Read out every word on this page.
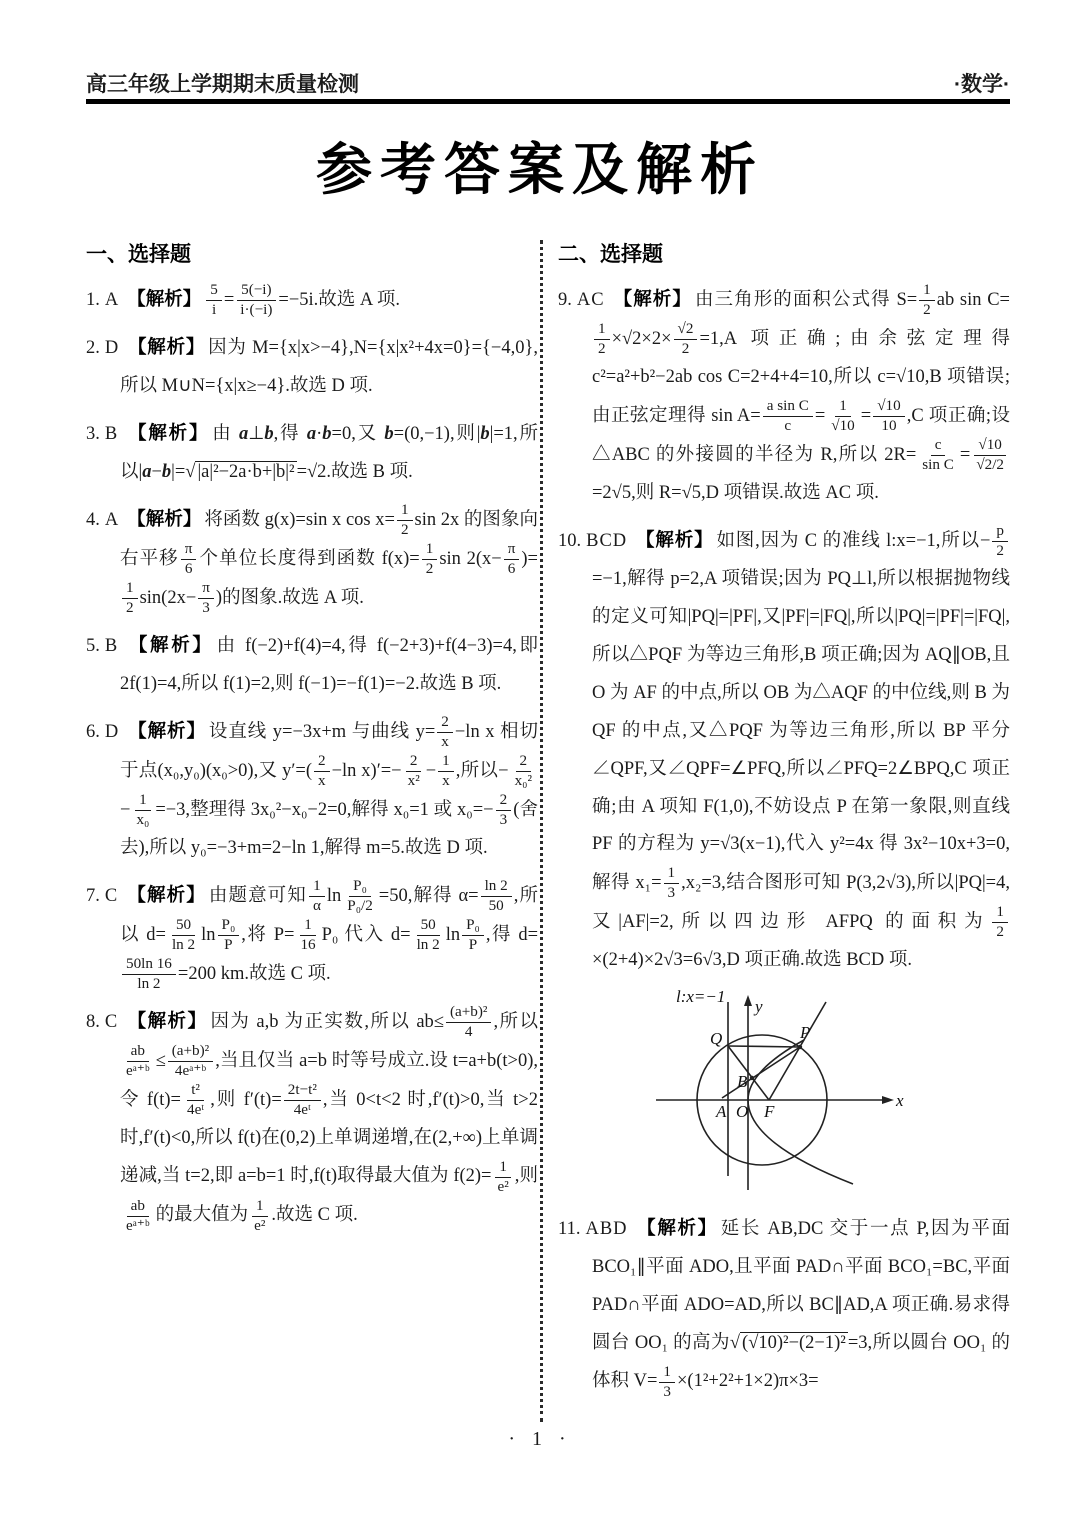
高三年级上学期期末质量检测	·数学·
参考答案及解析
一、选择题

1. A 【解析】 $\frac{5}{i} = \frac{5(-i)}{i\cdot(-i)} =-5i$.故选 A 项.

2. D 【解析】 因为 M={x|x>−4},N={x|x²+4x=0}={−4,0},所以 M∪N={x|x≥−4}.故选 D 项.

3. B 【解析】 由 a⊥b,得 a·b=0,又 b=(0,−1),则|b|=1,所以|a−b|=√ |a|²−2a·b+|b|² =√2.故选 B 项.

4. A 【解析】 将函数 g(x)=sin x $\cos x= \frac{1}{2}$ sin 2x 的图象向右平移 $\frac{\pi}{6}$ 个单位长度得到函数 $f(x)= \frac{1}{2}$ $\sin 2(x- \frac{\pi}{6}$ )=
$\frac{1}{2} \sin(2x- \frac{\pi}{3}$ )的图象.故选 A 项.

5. B 【解析】 由 f(−2)+f(4)=4,得 f(−2+3)+f(4−3)=4,即 2f(1)=4,所以 f(1)=2,则 f(−1)=−f(1)=−2.故选 B 项.

6. D 【解析】 设直线 y=−3x+m 与曲线 $y= \frac{2}{x} -\ln$ x 相切于点(x₀,y₀)(x₀>0),又 $y'=( \frac{2}{x} -\ln$ $x)'=- \frac{2}{\text{x²}} - \frac{1}{x}$ ,所以− $\frac{2}{\text{x₀²}}$
− $\frac{1}{\text{x₀}} =-3$,整理得 3x₀²−x₀−2=0,解得 x₀=1 或 $x_0=- \frac{2}{3}$ (舍去),所以 y₀=−3+m=2−ln 1,解得 m=5.故选 D 项.

7. C 【解析】 由题意可知 $\frac{1}{\alpha}$ $\ln \frac{\text{P₀}}{\text{P₀/2}} =50$,解得 $\alpha= \frac{\ln 2}{50}$ ,所以 $d= \frac{50}{\ln 2}$ $\ln \frac{\text{P₀}}{P}$ ,将 $P= \frac{1}{16} P_0$ 代入 $d= \frac{50}{\ln 2}$ $\ln \frac{\text{P₀}}{P}$ ,得 d=
$\frac{50\ln 16}{\ln 2} =200$ km.故选 C 项.

8. C 【解析】 因为 a,b 为正实数,所以 $ab\le \frac{\text{(a+b)²}}{4}$ ,所以
$\frac{ab}{\text{eᵃ⁺ᵇ}} \le \frac{\text{(a+b)²}}{\text{4eᵃ⁺ᵇ}}$ ,当且仅当 a=b 时等号成立.设 t=a+b(t>0),令 $f(t)= \frac{\text{t²}}{\text{4eᵗ}}$ ,则 $f'(t)= \frac{\text{2t−t²}}{\text{4eᵗ}}$ ,当 0<t<2 时,f′(t)>0,当 t>2 时,f′(t)<0,所以 f(t)在(0,2)上单调递增,在(2,+∞)上单调递减,当 t=2,即 a=b=1 时,f(t)取得最大值为 $f(2)= \frac{1}{\text{e²}}$ ,则
$\frac{ab}{\text{eᵃ⁺ᵇ}}$ 的最大值为 $\frac{1}{\text{e²}}$ .故选 C 项.

二、选择题

9. AC 【解析】 由三角形的面积公式得 $S= \frac{1}{2}$ ab sin C=
$\frac{1}{2} \times√2\times 2\times \frac{√2}{2} =1,A$ 项正确;由余弦定理得 c²=a²+b²−2ab cos C=2+4+4=10,所以 c=√10,B 项错误;由正弦定理得 $\sin A= \frac{\text{a sin C}}{c} = \frac{1}{√10} = \frac{√10}{10} ,C$ 项正确;设△ABC 的外接圆的半径为 R,所以 $2R= \frac{c}{\text{sin C}} = \frac{√10}{√2/2}$
=2√5,则 R=√5,D 项错误.故选 AC 项.

10. BCD 【解析】 如图,因为 C 的准线 l:x=−1,所以− $\frac{p}{2}$
=−1,解得 p=2,A 项错误;因为 PQ⊥l,所以根据抛物线的定义可知|PQ|=|PF|,又|PF|=|FQ|,所以|PQ|=|PF|=|FQ|,所以△PQF 为等边三角形,B 项正确;因为 AQ∥OB,且 O 为 AF 的中点,所以 OB 为△AQF 的中位线,则 B 为 QF 的中点,又△PQF 为等边三角形,所以 BP 平分∠QPF,又∠QPF=∠PFQ,所以∠PFQ=2∠BPQ,C 项正确;由 A 项知 F(1,0),不妨设点 P 在第一象限,则直线 PF 的方程为 y=√3(x−1),代入 y²=4x 得 3x²−10x+3=0,解得 $x_1= \frac{1}{3} ,x_2=3$,结合图形可知 P(3,2√3),所以|PQ|=4,又|AF|=2,所以四边形 AFPQ 的面积为 $\frac{1}{2}$
×(2+4)×2√3=6√3,D 项正确.故选 BCD 项.

l:x=−1
y
x
Q	P
B
A O F

11. ABD 【解析】 延长 AB,DC 交于一点 P,因为平面 BCO₁∥平面 ADO,且平面 PAD∩平面 BCO₁=BC,平面 PAD∩平面 ADO=AD,所以 BC∥AD,A 项正确.易求得圆台 OO₁ 的高为√ (√10)²−(2−1)² =3,所以圆台 OO₁ 的体积 $V= \frac{1}{3} \times(1^2+2^2+1\times 2)\pi\times 3=$

· 1 ·
